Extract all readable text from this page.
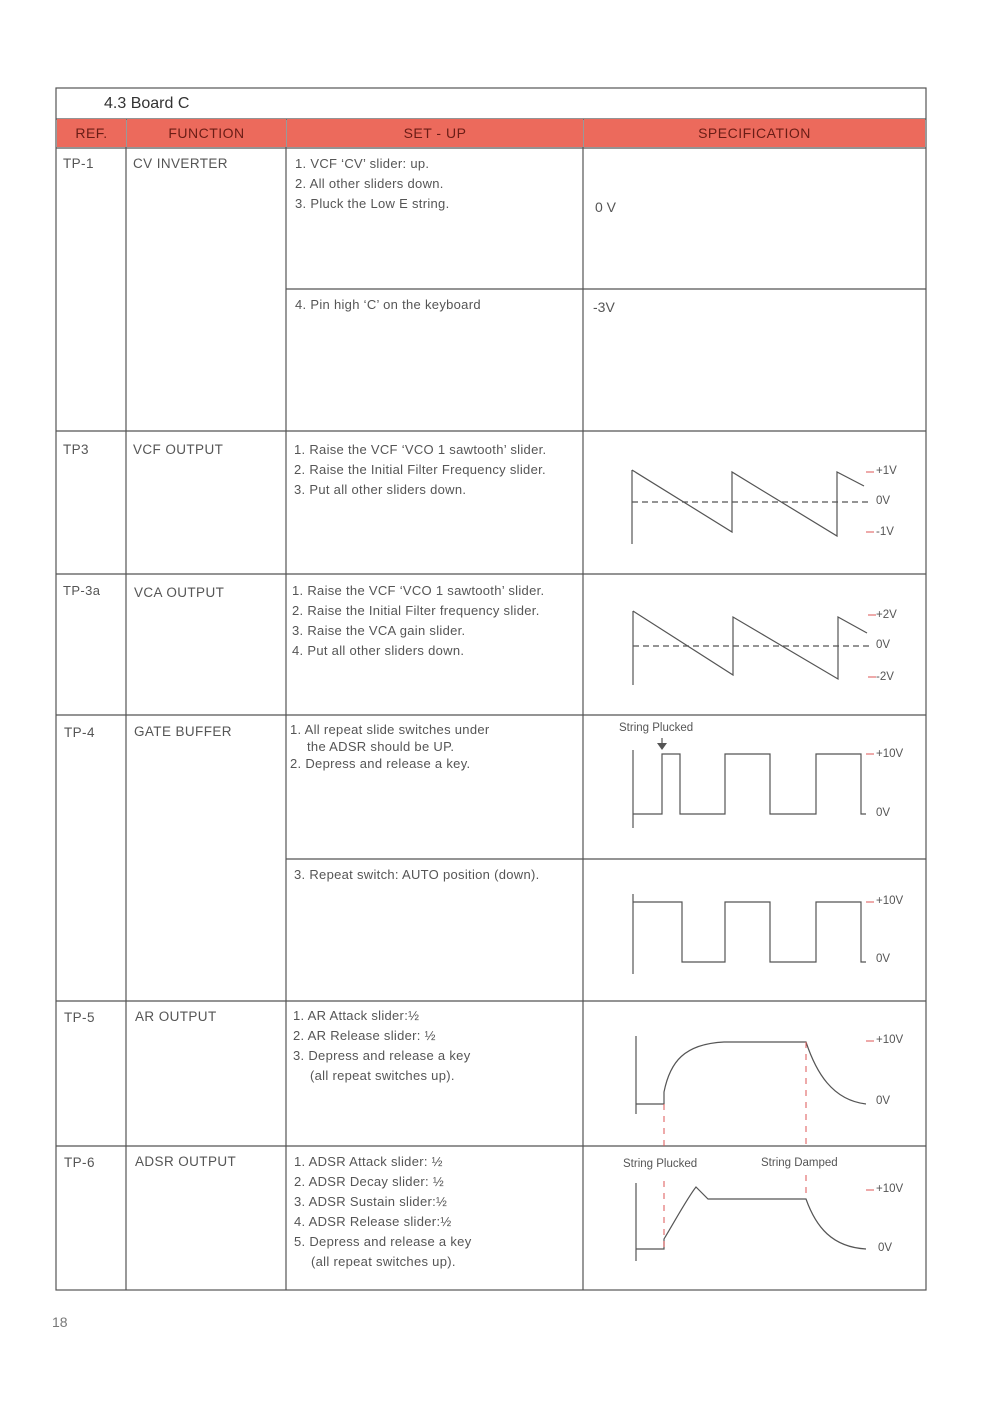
4.3 Board C
REF.	FUNCTION	SET - UP	SPECIFICATION
TP-1	CV INVERTER	1. VCF ‘CV’ slider: up.
2. All other sliders down.
3. Pluck the Low E string.	0 V
4. Pin high ‘C’ on the keyboard	-3V
TP3	VCF OUTPUT	1. Raise the VCF ‘VCO 1 sawtooth’ slider.
2. Raise the Initial Filter Frequency slider.
3. Put all other sliders down.
+1V
0V
-1V
TP-3a VCA OUTPUT	1. Raise the VCF ‘VCO 1 sawtooth’ slider.
2. Raise the Initial Filter frequency slider.
3. Raise the VCA gain slider.
4. Put all other sliders down.
+2V
0V
-2V
TP-4	GATE BUFFER	1. All repeat slide switches under
the ADSR should be UP.
2. Depress and release a key.
String Plucked
+10V
0V
3. Repeat switch: AUTO position (down).
+10V
0V
TP-5	AR OUTPUT	1. AR Attack slider:½
2. AR Release slider: ½
3. Depress and release a key
(all repeat switches up).
+10V
0V
TP-6	ADSR OUTPUT	1. ADSR Attack slider: ½
2. ADSR Decay slider: ½
3. ADSR Sustain slider:½
4. ADSR Release slider:½
5. Depress and release a key
(all repeat switches up).
String Plucked	String Damped
+10V
0V
18
